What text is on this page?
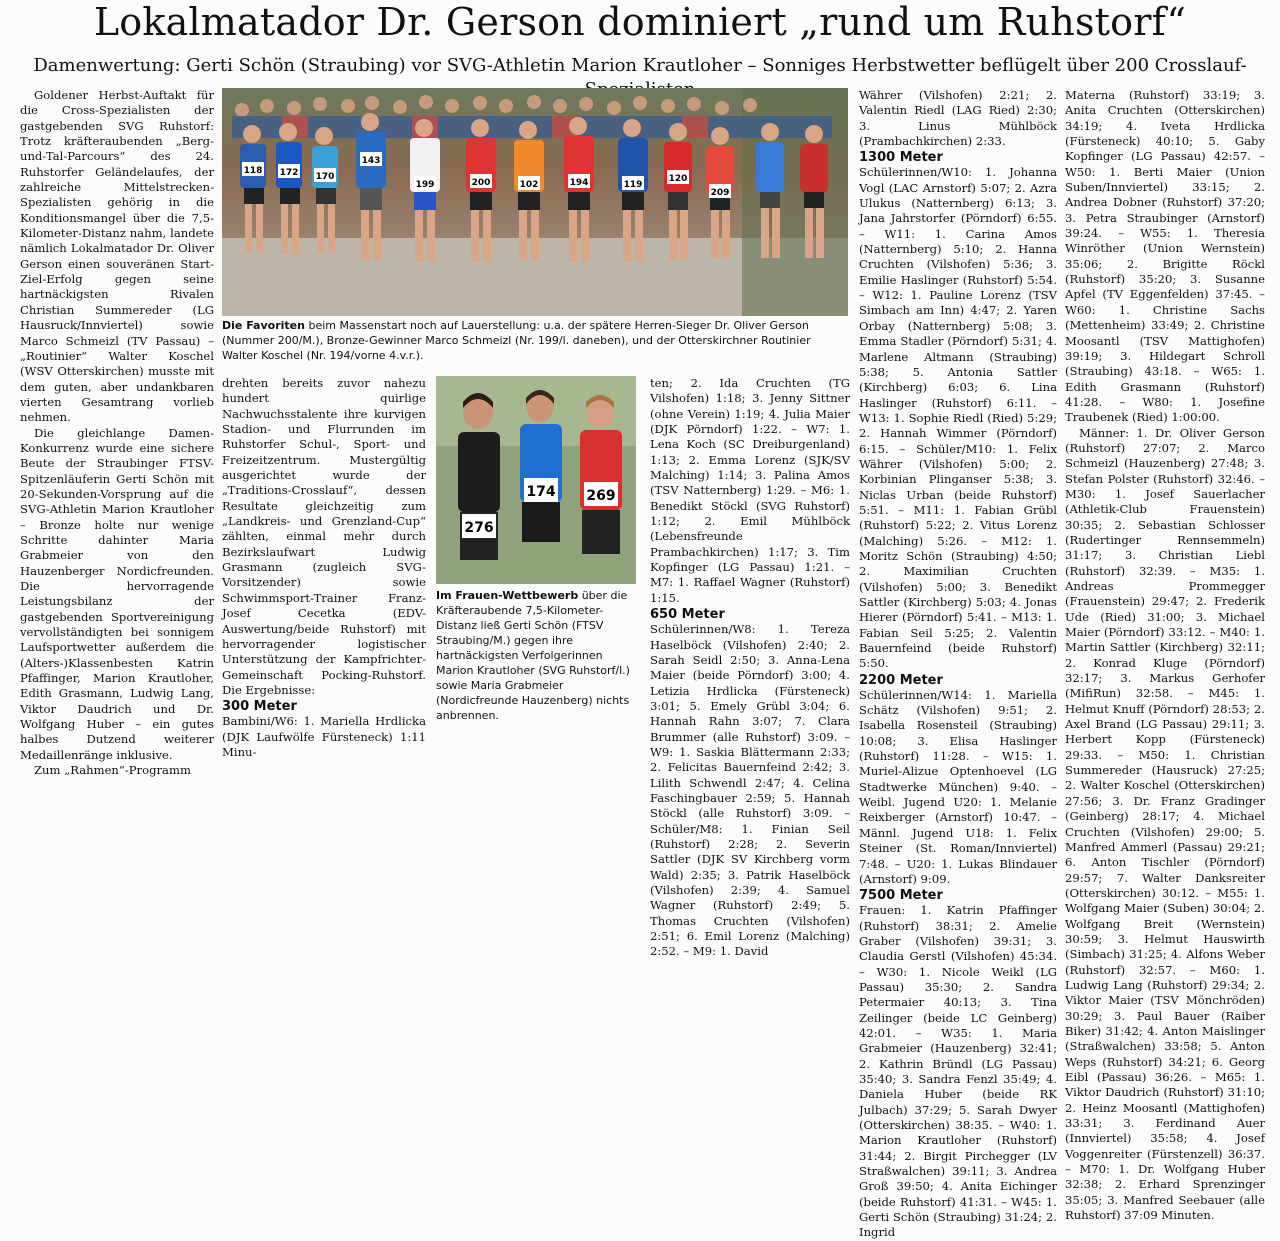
Lokalmatador Dr. Gerson dominiert „rund um Ruhstorf“
Damenwertung: Gerti Schön (Straubing) vor SVG-Athletin Marion Krautloher – Sonniges Herbstwetter beflügelt über 200 Crosslauf-

Goldener Herbst-Auftakt für die Cross-Spezialisten der gastgebenden SVG Ruhstorf: Trotz kräfteraubenden „Berg-und-Tal-Parcours“ des 24. Ruhstorfer Geländelaufes, der zahlreiche Mittelstrecken-Spezialisten gehörig in die Konditionsmangel über die 7,5-Kilometer-Distanz nahm, landete nämlich Lokalmatador Dr. Oliver Gerson einen souveränen Start-Ziel-Erfolg gegen seine hartnäckigsten Rivalen Christian Summereder (LG Hausruck/Innviertel) sowie Marco Schmeizl (TV Passau) – „Routinier“ Walter Koschel (WSV Otterskirchen) musste mit dem guten, aber undankbaren vierten Gesamtrang vorlieb nehmen.

Die gleichlange Damen-Konkurrenz wurde eine sichere Beute der Straubinger FTSV-Spitzenläuferin Gerti Schön mit 20-Sekunden-Vorsprung auf die SVG-Athletin Marion Krautloher – Bronze holte nur wenige Schritte dahinter Maria Grabmeier von den Hauzenberger Nordicfreunden. Die hervorragende Leistungsbilanz der gastgebenden Sportvereinigung vervollständigten bei sonnigem Laufsportwetter außerdem die (Alters-)Klassenbesten Katrin Pfaffinger, Marion Krautloher, Edith Grasmann, Ludwig Lang, Viktor Daudrich und Dr. Wolfgang Huber – ein gutes halbes Dutzend weiterer Medaillenränge inklusive.

Zum „Rahmen“-Programm

118 172 170
143
199	200	102	194	119
120
209
Die Favoriten beim Massenstart noch auf Lauerstellung: u.a. der spätere Herren-Sieger Dr. Oliver Gerson (Nummer 200/M.), Bronze-Gewinner Marco Schmeizl (Nr. 199/l. daneben), und der Otterskirchner Routinier Walter Koschel (Nr. 194/vorne 4.v.r.).

drehten bereits zuvor nahezu hundert quirlige Nachwuchsstalente ihre kurvigen Stadion- und Flurrunden im Ruhstorfer Schul-, Sport- und Freizeitzentrum. Mustergültig ausgerichtet wurde der „Traditions-Crosslauf“, dessen Resultate gleichzeitig zum „Landkreis- und Grenzland-Cup“ zählten, einmal mehr durch Bezirkslaufwart Ludwig Grasmann (zugleich SVG-Vorsitzender) sowie Schwimmsport-Trainer Franz-Josef Cecetka (EDV-Auswertung/beide Ruhstorf) mit hervorragender logistischer Unterstützung der Kampfrichter-Gemeinschaft Pocking-Ruhstorf. Die Ergebnisse:

300 Meter

Bambini/W6: 1. Mariella Hrdlicka (DJK Laufwölfe Fürsteneck) 1:11 Minu-

276
174 269
Im Frauen-Wettbewerb über die Kräfteraubende 7,5-Kilometer-Distanz ließ Gerti Schön (FTSV Straubing/M.) gegen ihre hartnäckigsten Verfolgerinnen Marion Krautloher (SVG Ruhstorf/l.) sowie Maria Grabmeier (Nordicfreunde Hauzenberg) nichts anbrennen.

ten; 2. Ida Cruchten (TG Vilshofen) 1:18; 3. Jenny Sittner (ohne Verein) 1:19; 4. Julia Maier (DJK Pörndorf) 1:22. – W7: 1. Lena Koch (SC Dreiburgenland) 1:13; 2. Emma Lorenz (SJK/SV Malching) 1:14; 3. Palina Amos (TSV Natternberg) 1:29. – M6: 1. Benedikt Stöckl (SVG Ruhstorf) 1:12; 2. Emil Mühlböck (Lebensfreunde Prambachkirchen) 1:17; 3. Tim Kopfinger (LG Passau) 1:21. – M7: 1. Raffael Wagner (Ruhstorf) 1:15.

650 Meter

Schülerinnen/W8: 1. Tereza Haselböck (Vilshofen) 2:40; 2. Sarah Seidl 2:50; 3. Anna-Lena Maier (beide Pörndorf) 3:00; 4. Letizia Hrdlicka (Fürsteneck) 3:01; 5. Emely Grübl 3:04; 6. Hannah Rahn 3:07; 7. Clara Brummer (alle Ruhstorf) 3:09. – W9: 1. Saskia Blättermann 2:33; 2. Felicitas Bauernfeind 2:42; 3. Lilith Schwendl 2:47; 4. Celina Faschingbauer 2:59; 5. Hannah Stöckl (alle Ruhstorf) 3:09. – Schüler/M8: 1. Finian Seil (Ruhstorf) 2:28; 2. Severin Sattler (DJK SV Kirchberg vorm Wald) 2:35; 3. Patrik Haselböck (Vilshofen) 2:39; 4. Samuel Wagner (Ruhstorf) 2:49; 5. Thomas Cruchten (Vilshofen) 2:51; 6. Emil Lorenz (Malching) 2:52. – M9: 1. David

Währer (Vilshofen) 2:21; 2. Valentin Riedl (LAG Ried) 2:30; 3. Linus Mühlböck (Prambachkirchen) 2:33.

1300 Meter

Schülerinnen/W10: 1. Johanna Vogl (LAC Arnstorf) 5:07; 2. Azra Ulukus (Natternberg) 6:13; 3. Jana Jahrstorfer (Pörndorf) 6:55. – W11: 1. Carina Amos (Natternberg) 5:10; 2. Hanna Cruchten (Vilshofen) 5:36; 3. Emilie Haslinger (Ruhstorf) 5:54. – W12: 1. Pauline Lorenz (TSV Simbach am Inn) 4:47; 2. Yaren Orbay (Natternberg) 5:08; 3. Emma Stadler (Pörndorf) 5:31; 4. Marlene Altmann (Straubing) 5:38; 5. Antonia Sattler (Kirchberg) 6:03; 6. Lina Haslinger (Ruhstorf) 6:11. – W13: 1. Sophie Riedl (Ried) 5:29; 2. Hannah Wimmer (Pörndorf) 6:15. – Schüler/M10: 1. Felix Währer (Vilshofen) 5:00; 2. Korbinian Plinganser 5:38; 3. Niclas Urban (beide Ruhstorf) 5:51. – M11: 1. Fabian Grübl (Ruhstorf) 5:22; 2. Vitus Lorenz (Malching) 5:26. – M12: 1. Moritz Schön (Straubing) 4:50; 2. Maximilian Cruchten (Vilshofen) 5:00; 3. Benedikt Sattler (Kirchberg) 5:03; 4. Jonas Hierer (Pörndorf) 5:41. – M13: 1. Fabian Seil 5:25; 2. Valentin Bauernfeind (beide Ruhstorf) 5:50.

2200 Meter

Schülerinnen/W14: 1. Mariella Schätz (Vilshofen) 9:51; 2. Isabella Rosensteil (Straubing) 10:08; 3. Elisa Haslinger (Ruhstorf) 11:28. – W15: 1. Muriel-Alizue Optenhoevel (LG Stadtwerke München) 9:40. – Weibl. Jugend U20: 1. Melanie Reixberger (Arnstorf) 10:47. – Männl. Jugend U18: 1. Felix Steiner (St. Roman/Innviertel) 7:48. – U20: 1. Lukas Blindauer (Arnstorf) 9:09.

7500 Meter

Frauen: 1. Katrin Pfaffinger (Ruhstorf) 38:31; 2. Amelie Graber (Vilshofen) 39:31; 3. Claudia Gerstl (Vilshofen) 45:34. – W30: 1. Nicole Weikl (LG Passau) 35:30; 2. Sandra Petermaier 40:13; 3. Tina Zeilinger (beide LC Geinberg) 42:01. – W35: 1. Maria Grabmeier (Hauzenberg) 32:41; 2. Kathrin Bründl (LG Passau) 35:40; 3. Sandra Fenzl 35:49; 4. Daniela Huber (beide RK Julbach) 37:29; 5. Sarah Dwyer (Otterskirchen) 38:35. – W40: 1. Marion Krautloher (Ruhstorf) 31:44; 2. Birgit Pirchegger (LV Straßwalchen) 39:11; 3. Andrea Groß 39:50; 4. Anita Eichinger (beide Ruhstorf) 41:31. – W45: 1. Gerti Schön (Straubing) 31:24; 2. Ingrid

Materna (Ruhstorf) 33:19; 3. Anita Cruchten (Otterskirchen) 34:19; 4. Iveta Hrdlicka (Fürsteneck) 40:10; 5. Gaby Kopfinger (LG Passau) 42:57. – W50: 1. Berti Maier (Union Suben/Innviertel) 33:15; 2. Andrea Dobner (Ruhstorf) 37:20; 3. Petra Straubinger (Arnstorf) 39:24. – W55: 1. Theresia Winröther (Union Wernstein) 35:06; 2. Brigitte Röckl (Ruhstorf) 35:20; 3. Susanne Apfel (TV Eggenfelden) 37:45. – W60: 1. Christine Sachs (Mettenheim) 33:49; 2. Christine Moosantl (TSV Mattighofen) 39:19; 3. Hildegart Schroll (Straubing) 43:18. – W65: 1. Edith Grasmann (Ruhstorf) 41:28. – W80: 1. Josefine Traubenek (Ried) 1:00:00.

Männer: 1. Dr. Oliver Gerson (Ruhstorf) 27:07; 2. Marco Schmeizl (Hauzenberg) 27:48; 3. Stefan Polster (Ruhstorf) 32:46. – M30: 1. Josef Sauerlacher (Athletik-Club Frauenstein) 30:35; 2. Sebastian Schlosser (Rudertinger Rennsemmeln) 31:17; 3. Christian Liebl (Ruhstorf) 32:39. – M35: 1. Andreas Prommegger (Frauenstein) 29:47; 2. Frederik Ude (Ried) 31:00; 3. Michael Maier (Pörndorf) 33:12. – M40: 1. Martin Sattler (Kirchberg) 32:11; 2. Konrad Kluge (Pörndorf) 32:17; 3. Markus Gerhofer (MifiRun) 32:58. – M45: 1. Helmut Knuff (Pörndorf) 28:53; 2. Axel Brand (LG Passau) 29:11; 3. Herbert Kopp (Fürsteneck) 29:33. – M50: 1. Christian Summereder (Hausruck) 27:25; 2. Walter Koschel (Otterskirchen) 27:56; 3. Dr. Franz Gradinger (Geinberg) 28:17; 4. Michael Cruchten (Vilshofen) 29:00; 5. Manfred Ammerl (Passau) 29:21; 6. Anton Tischler (Pörndorf) 29:57; 7. Walter Danksreiter (Otterskirchen) 30:12. – M55: 1. Wolfgang Maier (Suben) 30:04; 2. Wolfgang Breit (Wernstein) 30:59; 3. Helmut Hauswirth (Simbach) 31:25; 4. Alfons Weber (Ruhstorf) 32:57. – M60: 1. Ludwig Lang (Ruhstorf) 29:34; 2. Viktor Maier (TSV Mönchröden) 30:29; 3. Paul Bauer (Raiber Biker) 31:42; 4. Anton Maislinger (Straßwalchen) 33:58; 5. Anton Weps (Ruhstorf) 34:21; 6. Georg Eibl (Passau) 36:26. – M65: 1. Viktor Daudrich (Ruhstorf) 31:10; 2. Heinz Moosantl (Mattighofen) 33:31; 3. Ferdinand Auer (Innviertel) 35:58; 4. Josef Voggenreiter (Fürstenzell) 36:37. – M70: 1. Dr. Wolfgang Huber 32:38; 2. Erhard Sprenzinger 35:05; 3. Manfred Seebauer (alle Ruhstorf) 37:09 Minuten.
